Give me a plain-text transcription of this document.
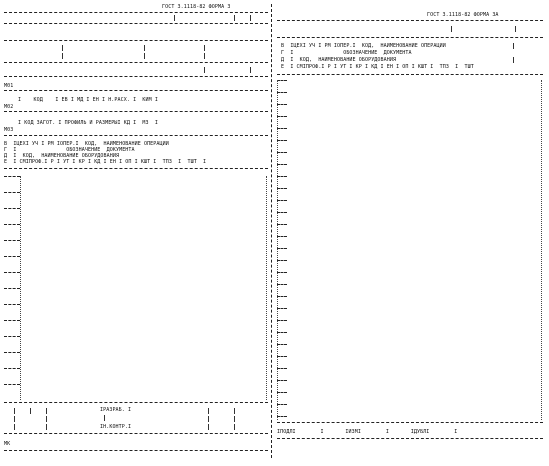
ГОСТ 3.1118-82 ФОРМА 3
М01
I    КОД    I ЕВ I МД I ЕН I Н.РАСХ. I  КИМ I
М02
I КОД ЗАГОТ. I ПРОФИЛЬ И РАЗМЕРЫI КД I  МЗ  I
М03
В  IЦЕХI УЧ I РМ IОПЕР.I  КОД,  НАИМЕНОВАНИЕ ОПЕРАЦИИ
Г  I                ОБОЗНАЧЕНИЕ  ДОКУМЕНТА
Д  I  КОД,  НАИМЕНОВАНИЕ ОБОРУДОВАНИЯ
Е  I СМIПРОФ.I Р I УТ I КР I КД I ЕН I ОП I КШТ I  ТПЗ  I  ТШТ  I
IРАЗРАБ. I
IН.КОНТР.I
МК
ГОСТ 3.1118-82 ФОРМА 3А
В  IЦЕХI УЧ I РМ IОПЕР.I  КОД,  НАИМЕНОВАНИЕ ОПЕРАЦИИ
Г  I                ОБОЗНАЧЕНИЕ  ДОКУМЕНТА
Д  I  КОД,  НАИМЕНОВАНИЕ ОБОРУДОВАНИЯ
Е  I СМIПРОФ.I Р I УТ I КР I КД I ЕН I ОП I КШТ I  ТПЗ  I  ТШТ
IПОДЛI        I       IИЗМI        I       IДУБЛI        I
